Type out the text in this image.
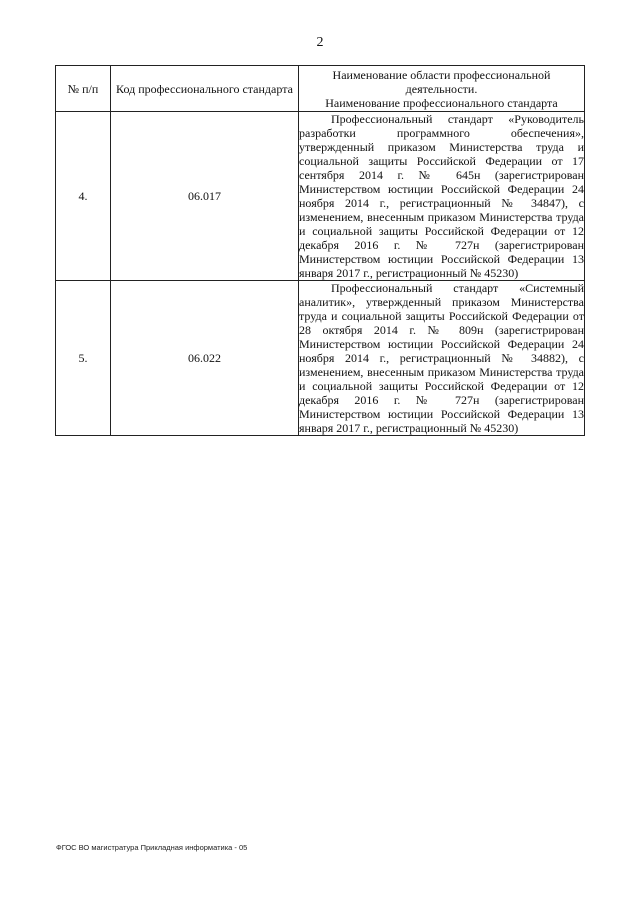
2
№ п/п	Код профессионального стандарта	Наименование области профессиональной деятельности.
Наименование профессионального стандарта

4.	06.017	Профессиональный стандарт «Руководитель разработки программного обеспечения», утвержденный приказом Министерства труда и социальной защиты Российской Федерации от 17 сентября 2014 г. № 645н (зарегистрирован Министерством юстиции Российской Федерации 24 ноября 2014 г., регистрационный № 34847), с изменением, внесенным приказом Министерства труда и социальной защиты Российской Федерации от 12 декабря 2016 г. № 727н (зарегистрирован Министерством юстиции Российской Федерации 13 января 2017 г., регистрационный № 45230)
5.	06.022	Профессиональный стандарт «Системный аналитик», утвержденный приказом Министерства труда и социальной защиты Российской Федерации от 28 октября 2014 г. № 809н (зарегистрирован Министерством юстиции Российской Федерации 24 ноября 2014 г., регистрационный № 34882), с изменением, внесенным приказом Министерства труда и социальной защиты Российской Федерации от 12 декабря 2016 г. № 727н (зарегистрирован Министерством юстиции Российской Федерации 13 января 2017 г., регистрационный № 45230)
ФГОС ВО магистратура Прикладная информатика - 05
